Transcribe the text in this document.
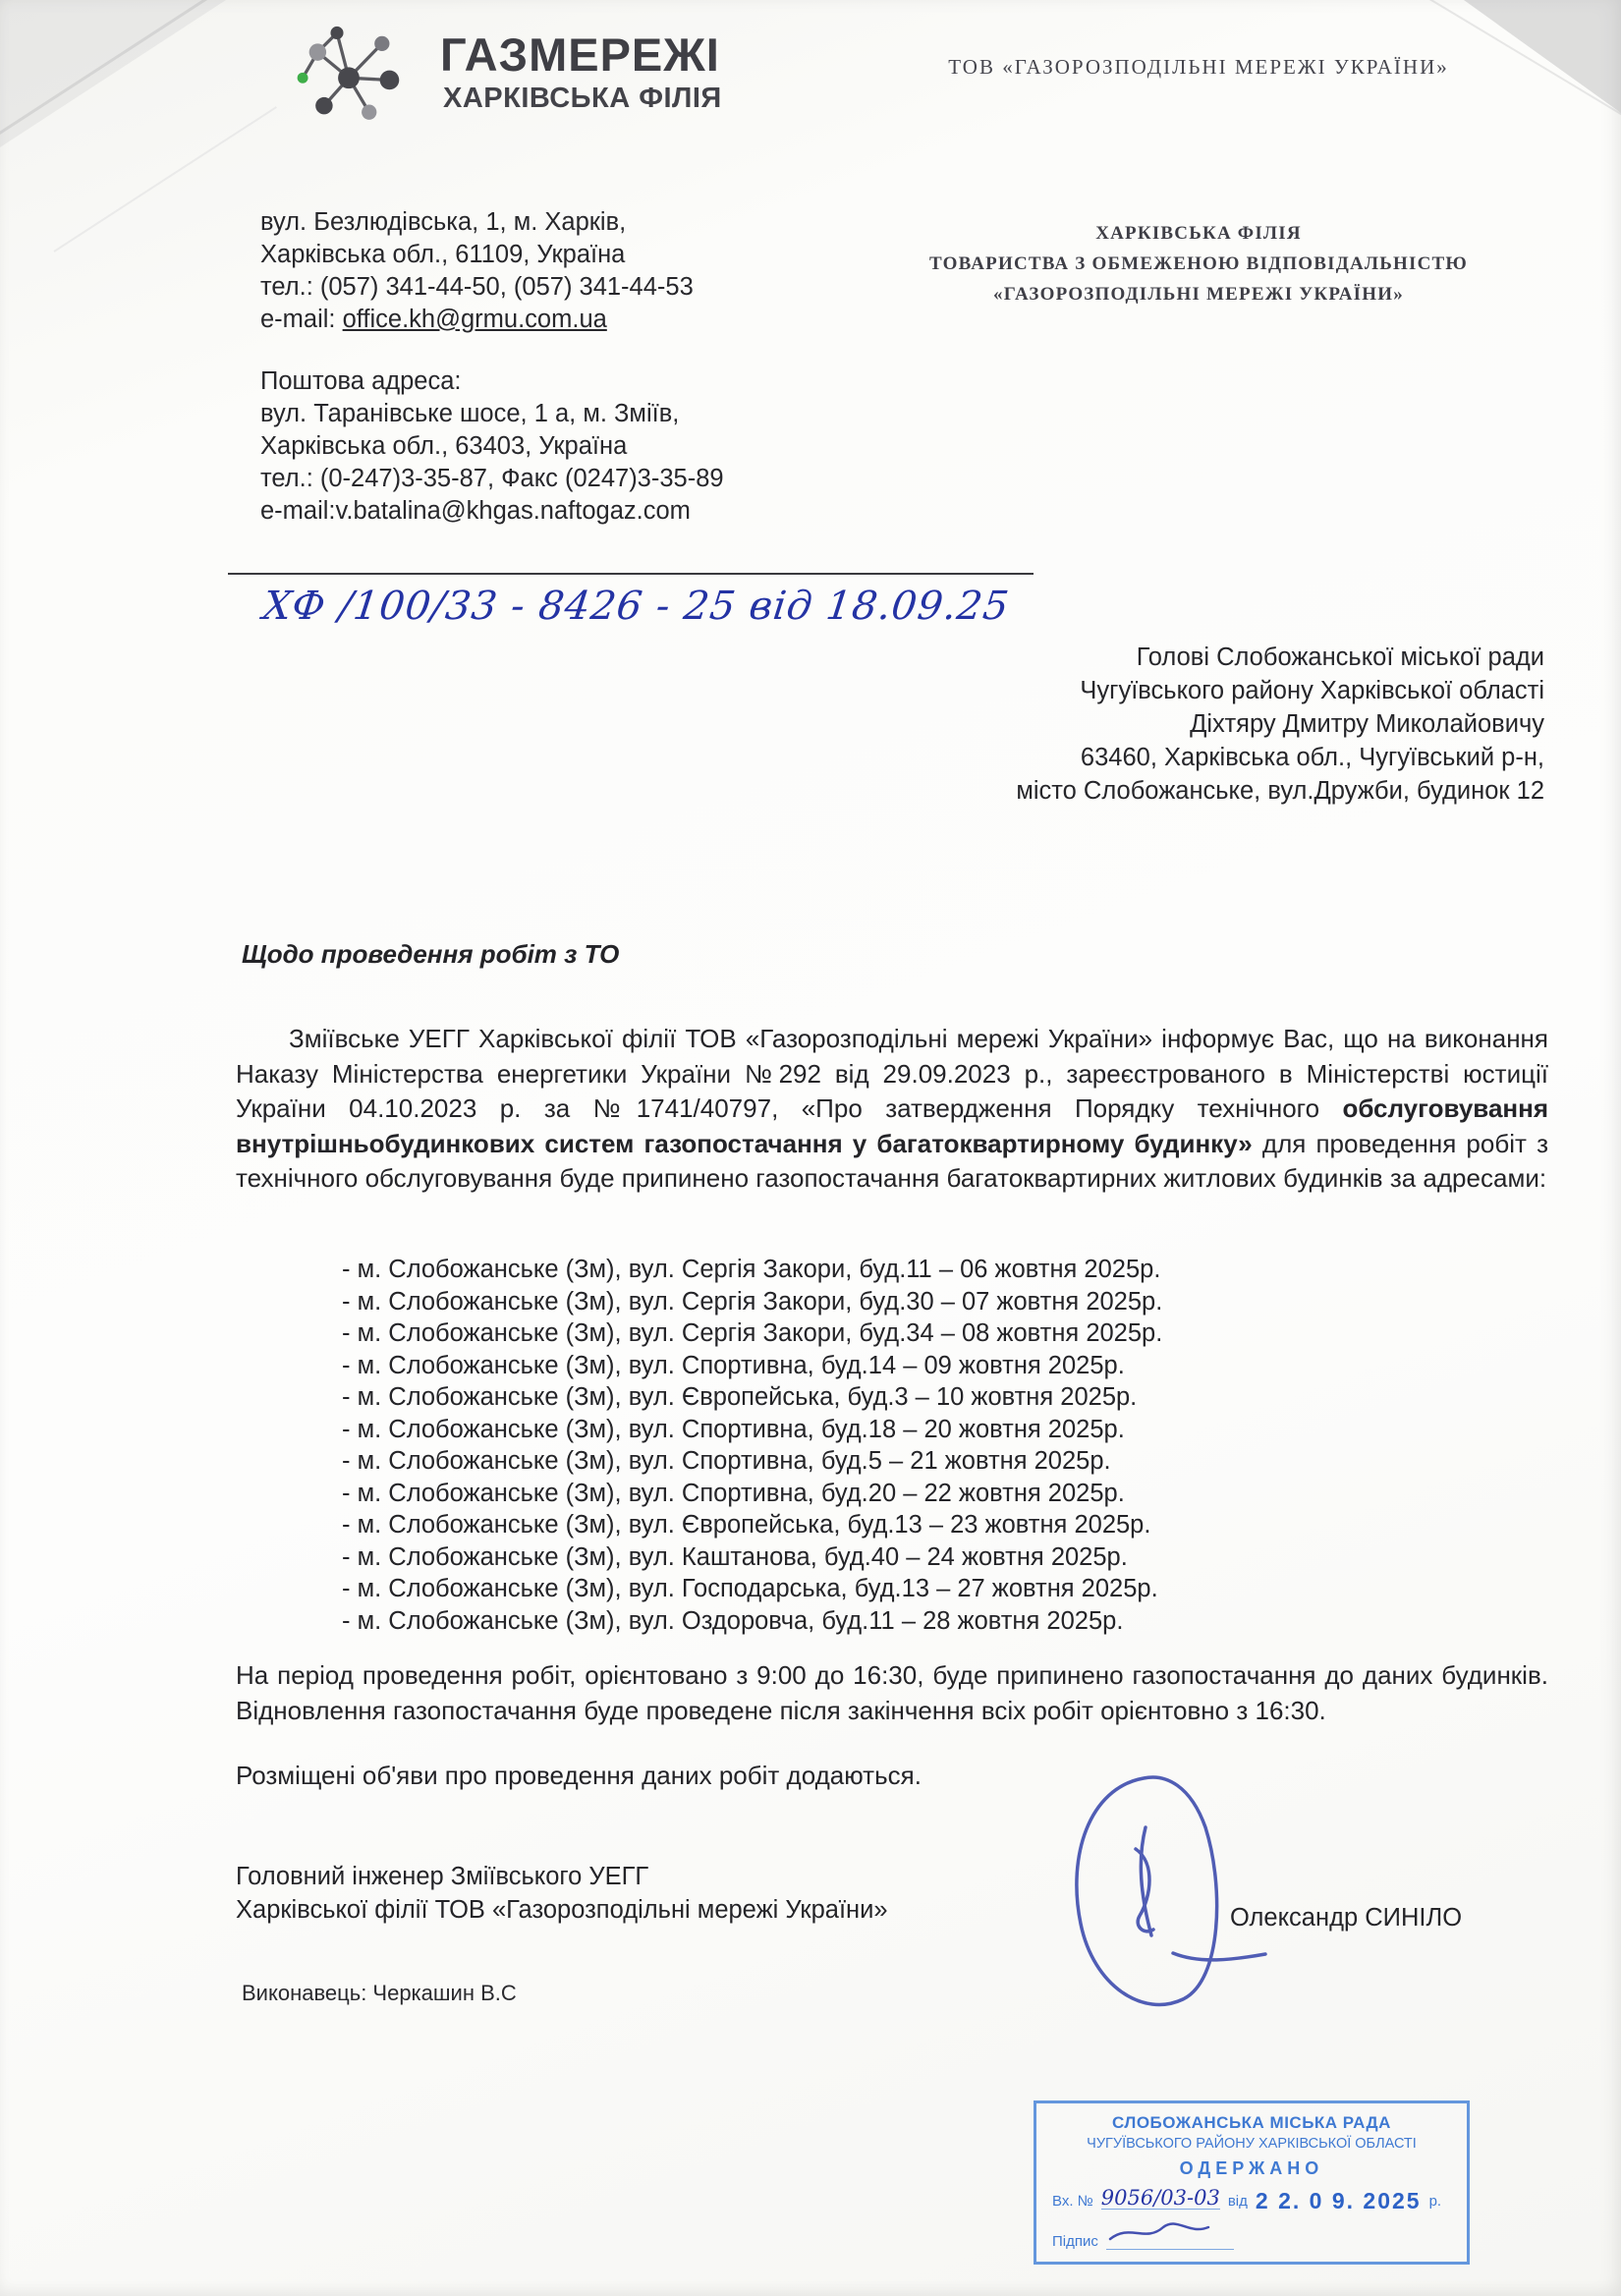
ГАЗМЕРЕЖІ
ХАРКІВСЬКА ФІЛІЯ
ТОВ «ГАЗОРОЗПОДІЛЬНІ МЕРЕЖІ УКРАЇНИ»
вул. Безлюдівська, 1, м. Харків,
Харківська обл., 61109, Україна
тел.: (057) 341-44-50, (057) 341-44-53
e-mail: office.kh@grmu.com.ua
ХАРКІВСЬКА ФІЛІЯ
ТОВАРИСТВА З ОБМЕЖЕНОЮ ВІДПОВІДАЛЬНІСТЮ
«ГАЗОРОЗПОДІЛЬНІ МЕРЕЖІ УКРАЇНИ»
Поштова адреса:
вул. Таранівське шосе, 1 а, м. Зміїв,
Харківська обл., 63403, Україна
тел.: (0-247)3-35-87, Факс (0247)3-35-89
e-mail:v.batalina@khgas.naftogaz.com
ХФ /100/33 - 8426 - 25 від 18.09.25
Голові Слобожанської міської ради
Чугуївського району Харківської області
Діхтяру Дмитру Миколайовичу
63460, Харківська обл., Чугуївський р-н,
місто Слобожанське, вул.Дружби, будинок 12
Щодо проведення робіт з ТО

Зміївське УЕГГ Харківської філії ТОВ «Газорозподільні мережі України» інформує Вас, що на виконання Наказу Міністерства енергетики України №292 від 29.09.2023 р., зареєстрованого в Міністерстві юстиції України 04.10.2023 р. за №1741/40797, «Про затвердження Порядку технічного обслуговування внутрішньобудинкових систем газопостачання у багатоквартирному будинку» для проведення робіт з технічного обслуговування буде припинено газопостачання багатоквартирних житлових будинків за адресами:

- м. Слобожанське (Зм), вул. Сергія Закори, буд.11 – 06 жовтня 2025р.
- м. Слобожанське (Зм), вул. Сергія Закори, буд.30 – 07 жовтня 2025р.
- м. Слобожанське (Зм), вул. Сергія Закори, буд.34 – 08 жовтня 2025р.
- м. Слобожанське (Зм), вул. Спортивна, буд.14 – 09 жовтня 2025р.
- м. Слобожанське (Зм), вул. Європейська, буд.3 – 10 жовтня 2025р.
- м. Слобожанське (Зм), вул. Спортивна, буд.18 – 20 жовтня 2025р.
- м. Слобожанське (Зм), вул. Спортивна, буд.5 – 21 жовтня 2025р.
- м. Слобожанське (Зм), вул. Спортивна, буд.20 – 22 жовтня 2025р.
- м. Слобожанське (Зм), вул. Європейська, буд.13 – 23 жовтня 2025р.
- м. Слобожанське (Зм), вул. Каштанова, буд.40 – 24 жовтня 2025р.
- м. Слобожанське (Зм), вул. Господарська, буд.13 – 27 жовтня 2025р.
- м. Слобожанське (Зм), вул. Оздоровча, буд.11 – 28 жовтня 2025р.

На період проведення робіт, орієнтовано з 9:00 до 16:30, буде припинено газопостачання до даних будинків. Відновлення газопостачання буде проведене після закінчення всіх робіт орієнтовно з 16:30.

Розміщені об'яви про проведення даних робіт додаються.

Головний інженер Зміївського УЕГГ
Харківської філії ТОВ «Газорозподільні мережі України»	Олександр СИНІЛО
Виконавець: Черкашин В.С
СЛОБОЖАНСЬКА МІСЬКА РАДА
ЧУГУЇВСЬКОГО РАЙОНУ ХАРКІВСЬКОЇ ОБЛАСТІ
ОДЕРЖАНО
Вх. № 9056/03-03 від 2 2. 0 9. 2025 р.
Підпис
